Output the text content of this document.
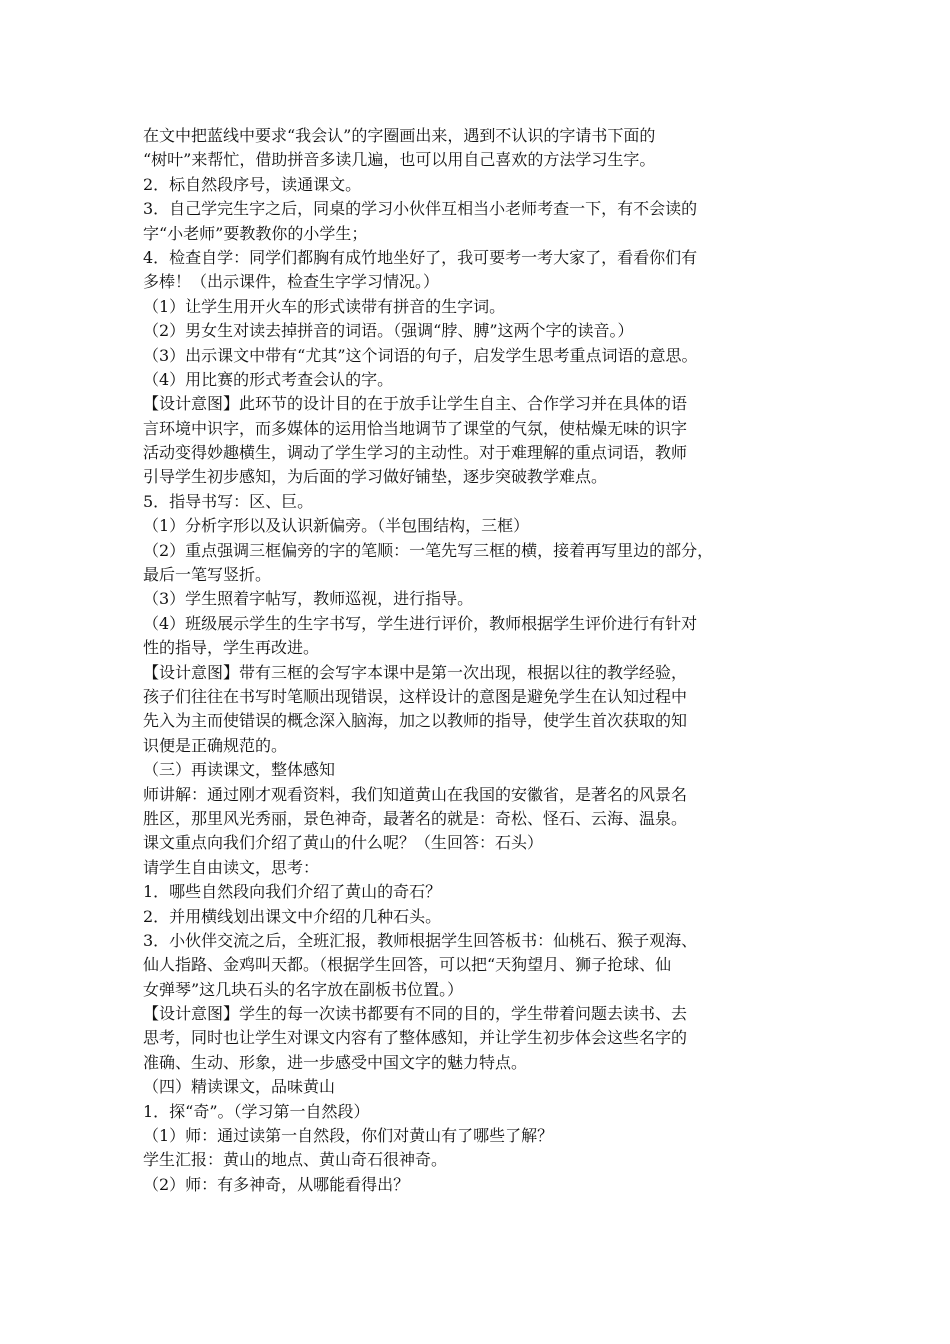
在文中把蓝线中要求“我会认”的字圈画出来，遇到不认识的字请书下面的
“树叶”来帮忙，借助拼音多读几遍，也可以用自己喜欢的方法学习生字。
2．标自然段序号，读通课文。
3．自己学完生字之后，同桌的学习小伙伴互相当小老师考查一下，有不会读的
字“小老师”要教教你的小学生；
4．检查自学：同学们都胸有成竹地坐好了，我可要考一考大家了，看看你们有
多棒！（出示课件，检查生字学习情况。）
（1）让学生用开火车的形式读带有拼音的生字词。
（2）男女生对读去掉拼音的词语。（强调“脖、膊”这两个字的读音。）
（3）出示课文中带有“尤其”这个词语的句子，启发学生思考重点词语的意思。
（4）用比赛的形式考查会认的字。
【设计意图】此环节的设计目的在于放手让学生自主、合作学习并在具体的语
言环境中识字，而多媒体的运用恰当地调节了课堂的气氛，使枯燥无味的识字
活动变得妙趣横生，调动了学生学习的主动性。对于难理解的重点词语，教师
引导学生初步感知，为后面的学习做好铺垫，逐步突破教学难点。
5．指导书写：区、巨。
（1）分析字形以及认识新偏旁。（半包围结构，三框）
（2）重点强调三框偏旁的字的笔顺：一笔先写三框的横，接着再写里边的部分，
最后一笔写竖折。
（3）学生照着字帖写，教师巡视，进行指导。
（4）班级展示学生的生字书写，学生进行评价，教师根据学生评价进行有针对
性的指导，学生再改进。
【设计意图】带有三框的会写字本课中是第一次出现，根据以往的教学经验，
孩子们往往在书写时笔顺出现错误，这样设计的意图是避免学生在认知过程中
先入为主而使错误的概念深入脑海，加之以教师的指导，使学生首次获取的知
识便是正确规范的。
（三）再读课文，整体感知
师讲解：通过刚才观看资料，我们知道黄山在我国的安徽省，是著名的风景名
胜区，那里风光秀丽，景色神奇，最著名的就是：奇松、怪石、云海、温泉。
课文重点向我们介绍了黄山的什么呢？（生回答：石头）
请学生自由读文，思考：
1．哪些自然段向我们介绍了黄山的奇石？
2．并用横线划出课文中介绍的几种石头。
3．小伙伴交流之后，全班汇报，教师根据学生回答板书：仙桃石、猴子观海、
仙人指路、金鸡叫天都。（根据学生回答，可以把“天狗望月、狮子抢球、仙
女弹琴”这几块石头的名字放在副板书位置。）
【设计意图】学生的每一次读书都要有不同的目的，学生带着问题去读书、去
思考，同时也让学生对课文内容有了整体感知，并让学生初步体会这些名字的
准确、生动、形象，进一步感受中国文字的魅力特点。
（四）精读课文，品味黄山
1．探“奇”。（学习第一自然段）
（1）师：通过读第一自然段，你们对黄山有了哪些了解？
学生汇报：黄山的地点、黄山奇石很神奇。
（2）师：有多神奇，从哪能看得出？
